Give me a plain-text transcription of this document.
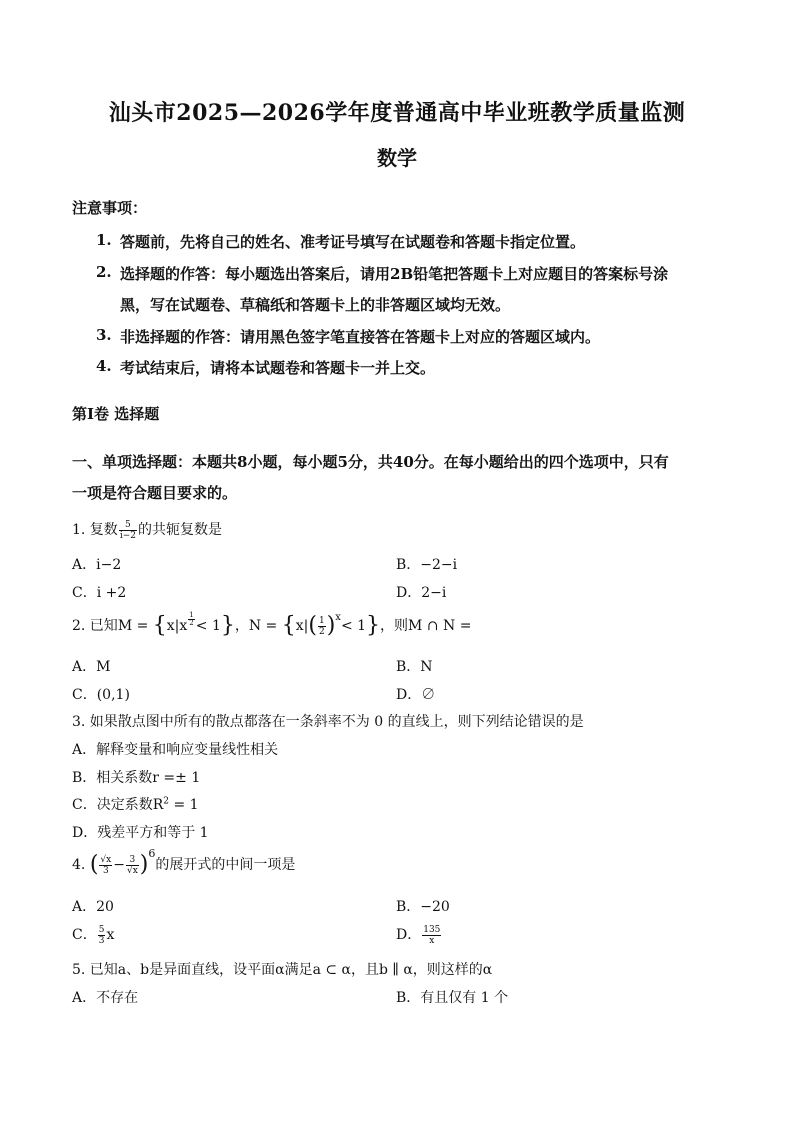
汕头市2025—2026学年度普通高中毕业班教学质量监测
数学
注意事项：
1. 答题前，先将自己的姓名、准考证号填写在试题卷和答题卡指定位置。
2. 选择题的作答：每小题选出答案后，请用2B铅笔把答题卡上对应题目的答案标号涂
黑，写在试题卷、草稿纸和答题卡上的非答题区域均无效。
3. 非选择题的作答：请用黑色签字笔直接答在答题卡上对应的答题区域内。
4. 考试结束后，请将本试题卷和答题卡一并上交。
第Ⅰ卷 选择题
一、单项选择题：本题共8小题，每小题5分，共40分。在每小题给出的四个选项中，只有
一项是符合题目要求的。
1. 复数 $\frac{5}{i-2}$ 的共轭复数是
A．i−2	B．−2−i
C．i +2	D．2−i
2. 已知$M = \{x|x \frac{1}{2} < 1\}$，$N = \{x|( \frac{1}{2} )^x< 1\}$，则M ∩ N =
A．M	B．N
C．(0,1)	D．∅
3. 如果散点图中所有的散点都落在一条斜率不为 0 的直线上，则下列结论错误的是
A．解释变量和响应变量线性相关
B．相关系数r =± 1
C．决定系数$R^2 = 1$
D．残差平方和等于 1
4. ( $\frac{√x}{3} - \frac{3}{√x} )^6$的展开式的中间一项是
A．20	B．−20
C． $\frac{5}{3}$ x	D． $\frac{135}{x}$
5. 已知a、b是异面直线，设平面α满足a ⊂ α，且b ∥ α，则这样的α
A．不存在	B．有且仅有 1 个
